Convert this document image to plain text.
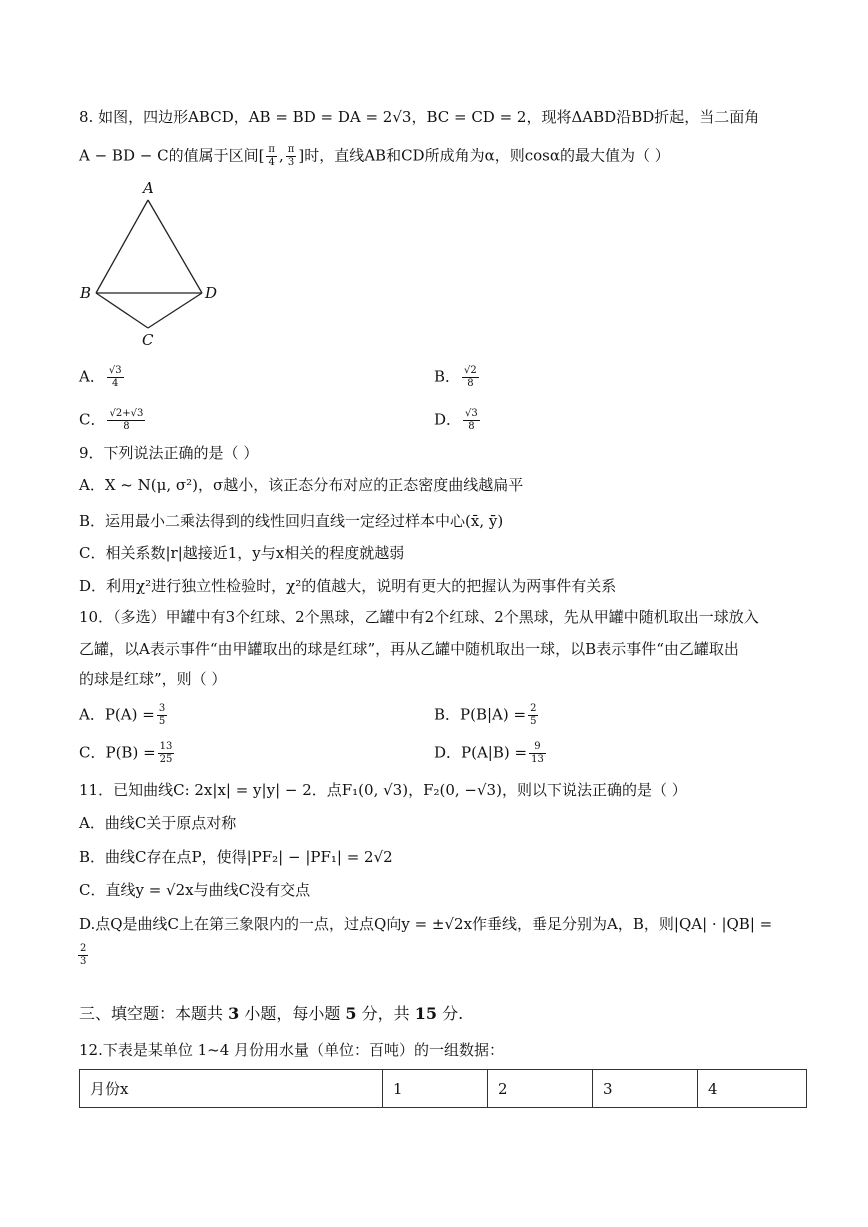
8. 如图，四边形ABCD，AB = BD = DA = 2√3，BC = CD = 2，现将ΔABD沿BD折起，当二面角
A − BD − C的值属于区间[ $\frac{\pi}{4}$ , $\frac{\pi}{3}$ ]时，直线AB和CD所成角为α，则cosα的最大值为（ ）
A
B	D
C
A． $\frac{√3}{4}$	B． $\frac{√2}{8}$
C． $\frac{√2+√3}{8}$	D． $\frac{√3}{8}$
9．下列说法正确的是（ ）
A．X ~ N(μ, σ²)，σ越小，该正态分布对应的正态密度曲线越扁平
B．运用最小二乘法得到的线性回归直线一定经过样本中心(x̄, ȳ)
C．相关系数|r|越接近1，y与x相关的程度就越弱
D．利用χ²进行独立性检验时，χ²的值越大，说明有更大的把握认为两事件有关系
10．（多选）甲罐中有3个红球、2个黑球，乙罐中有2个红球、2个黑球，先从甲罐中随机取出一球放入
乙罐，以A表示事件“由甲罐取出的球是红球”，再从乙罐中随机取出一球，以B表示事件“由乙罐取出
的球是红球”，则（ ）
A．$P(A) = \frac{3}{5}$	B．$P(B|A) = \frac{2}{5}$
C．$P(B) = \frac{13}{25}$	D．$P(A|B) = \frac{9}{13}$
11．已知曲线C: 2x|x| = y|y| − 2．点F₁(0, √3)，F₂(0, −√3)，则以下说法正确的是（ ）
A．曲线C关于原点对称
B．曲线C存在点P，使得|PF₂| − |PF₁| = 2√2
C．直线y = √2x与曲线C没有交点
D.点Q是曲线C上在第三象限内的一点，过点Q向y = ±√2x作垂线，垂足分别为A，B，则|QA| · |QB| =
$\frac{2}{3}$
三、填空题：本题共 3 小题，每小题 5 分，共 15 分.
12.下表是某单位 1~4 月份用水量（单位：百吨）的一组数据：
月份x	1	2	3	4
